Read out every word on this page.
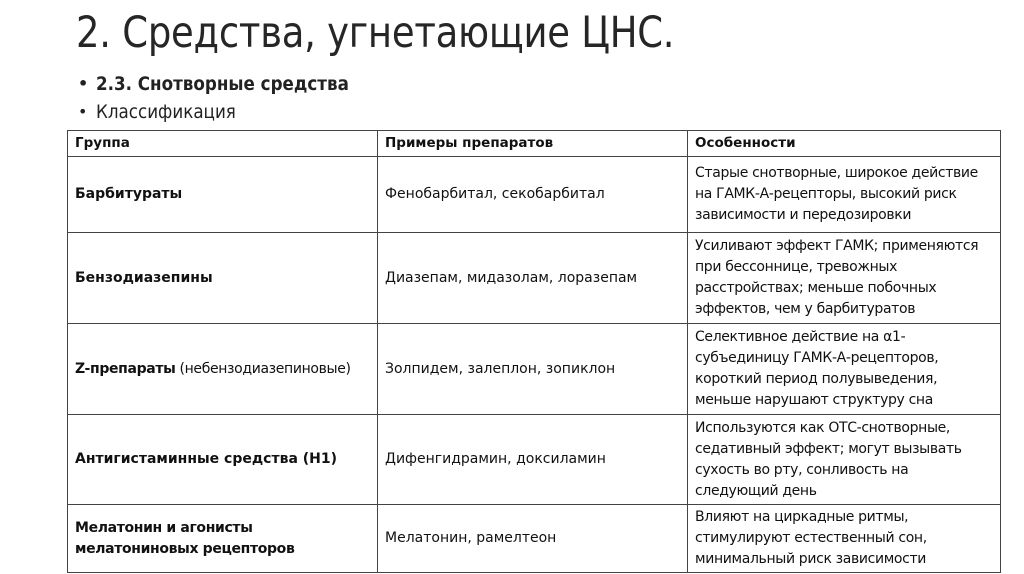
2. Средства, угнетающие ЦНС.
• 2.3. Снотворные средства
• Классификация
Группа	Примеры препаратов	Особенности
Барбитураты	Фенобарбитал, секобарбитал	Старые снотворные, широкое действие на ГАМК-А-рецепторы, высокий риск зависимости и передозировки
Бензодиазепины	Диазепам, мидазолам, лоразепам	Усиливают эффект ГАМК; применяются при бессоннице, тревожных расстройствах; меньше побочных эффектов, чем у барбитуратов
Z-препараты (небензодиазепиновые)	Золпидем, залеплон, зопиклон	Селективное действие на α1-субъединицу ГАМК-А-рецепторов, короткий период полувыведения, меньше нарушают структуру сна
Антигистаминные средства (H1)	Дифенгидрамин, доксиламин	Используются как ОТС-снотворные, седативный эффект; могут вызывать сухость во рту, сонливость на следующий день
Мелатонин и агонисты мелатониновых рецепторов	Мелатонин, рамелтеон	Влияют на циркадные ритмы, стимулируют естественный сон, минимальный риск зависимости
